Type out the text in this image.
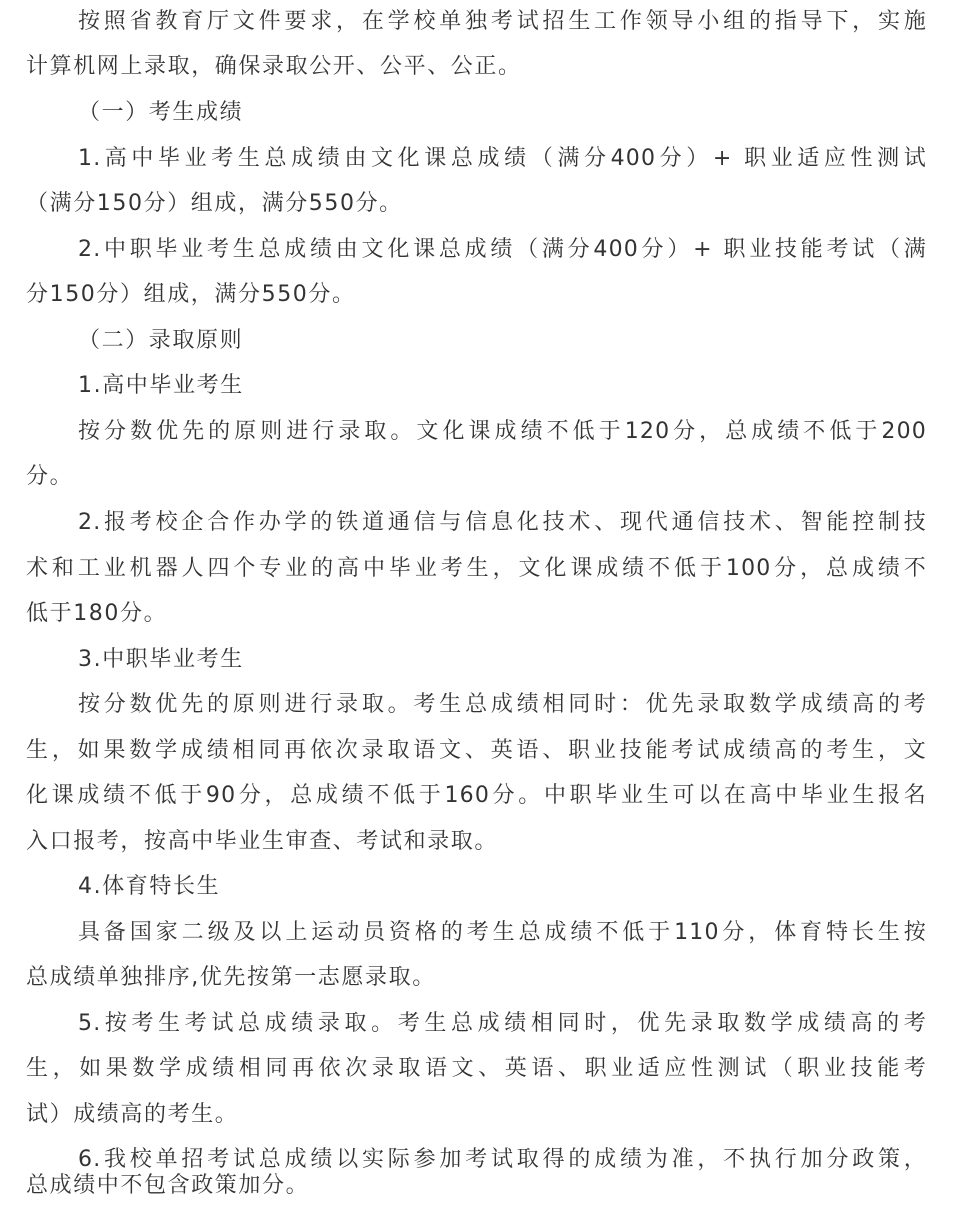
按照省教育厅文件要求，在学校单独考试招生工作领导小组的指导下，实施
计算机网上录取，确保录取公开、公平、公正。
（一）考生成绩
1.高中毕业考生总成绩由文化课总成绩（满分400分）+ 职业适应性测试
（满分150分）组成，满分550分。
2.中职毕业考生总成绩由文化课总成绩（满分400分）+ 职业技能考试（满
分150分）组成，满分550分。
（二）录取原则
1.高中毕业考生
按分数优先的原则进行录取。文化课成绩不低于120分，总成绩不低于200
分。
2.报考校企合作办学的铁道通信与信息化技术、现代通信技术、智能控制技
术和工业机器人四个专业的高中毕业考生，文化课成绩不低于100分，总成绩不
低于180分。
3.中职毕业考生
按分数优先的原则进行录取。考生总成绩相同时：优先录取数学成绩高的考
生，如果数学成绩相同再依次录取语文、英语、职业技能考试成绩高的考生，文
化课成绩不低于90分，总成绩不低于160分。中职毕业生可以在高中毕业生报名
入口报考，按高中毕业生审查、考试和录取。
4.体育特长生
具备国家二级及以上运动员资格的考生总成绩不低于110分，体育特长生按
总成绩单独排序,优先按第一志愿录取。
5.按考生考试总成绩录取。考生总成绩相同时，优先录取数学成绩高的考
生，如果数学成绩相同再依次录取语文、英语、职业适应性测试（职业技能考
试）成绩高的考生。
6.我校单招考试总成绩以实际参加考试取得的成绩为准，不执行加分政策，
总成绩中不包含政策加分。
